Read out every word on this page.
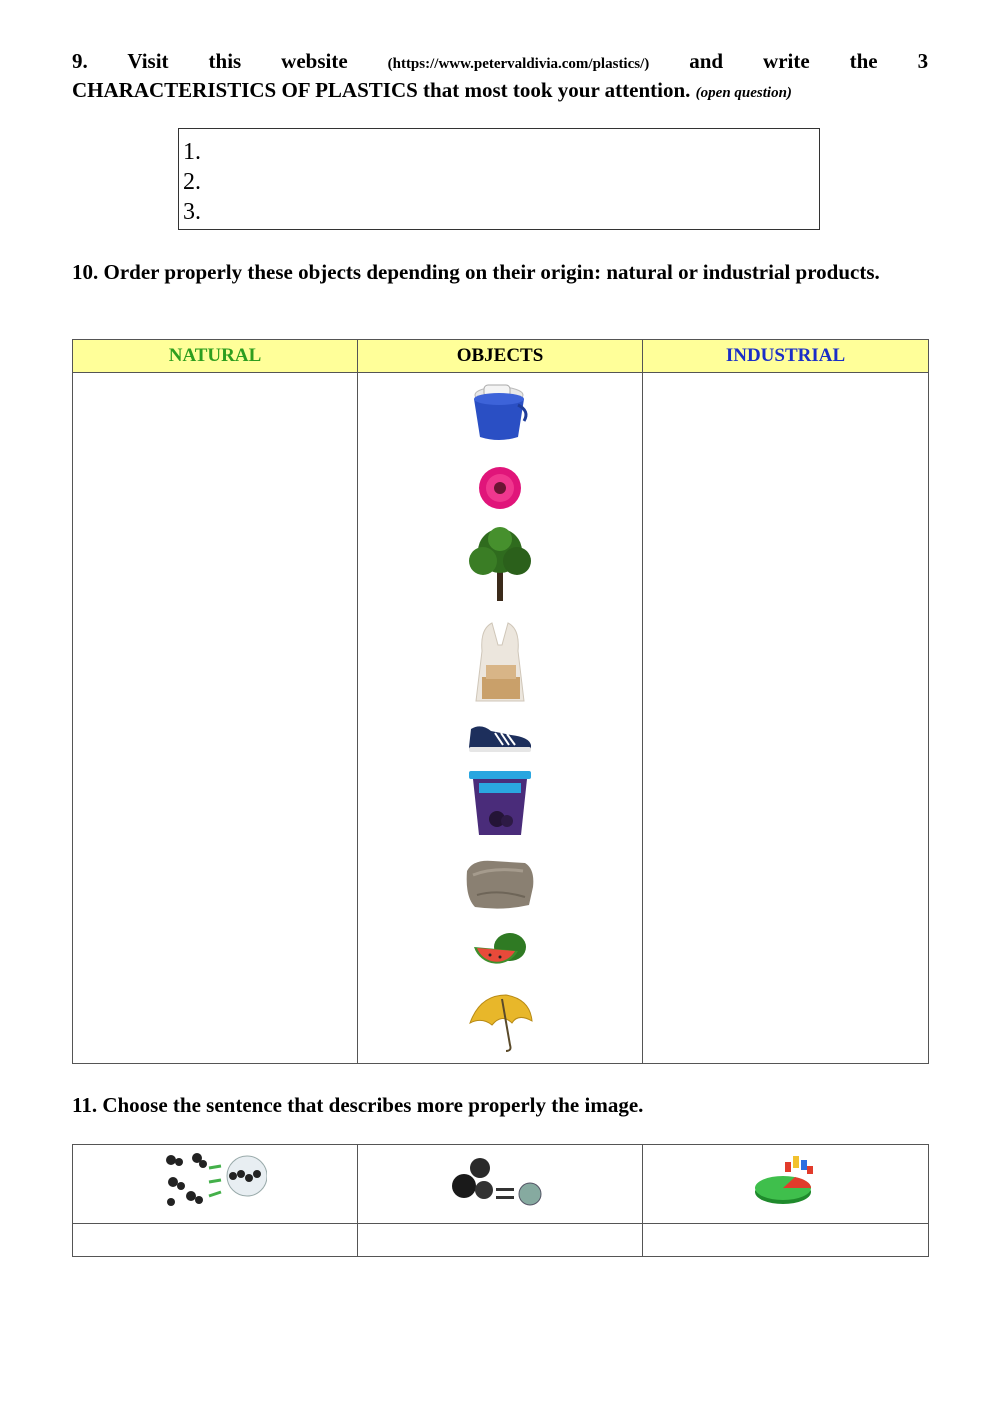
9. Visit this website	(https://www.petervaldivia.com/plastics/) and write the 3
CHARACTERISTICS OF PLASTICS that most took your attention. (open question)
1.
2.
3.
10. Order properly these objects depending on their origin: natural or industrial products.
NATURAL	OBJECTS	INDUSTRIAL

11. Choose the sentence that describes more properly the image.
